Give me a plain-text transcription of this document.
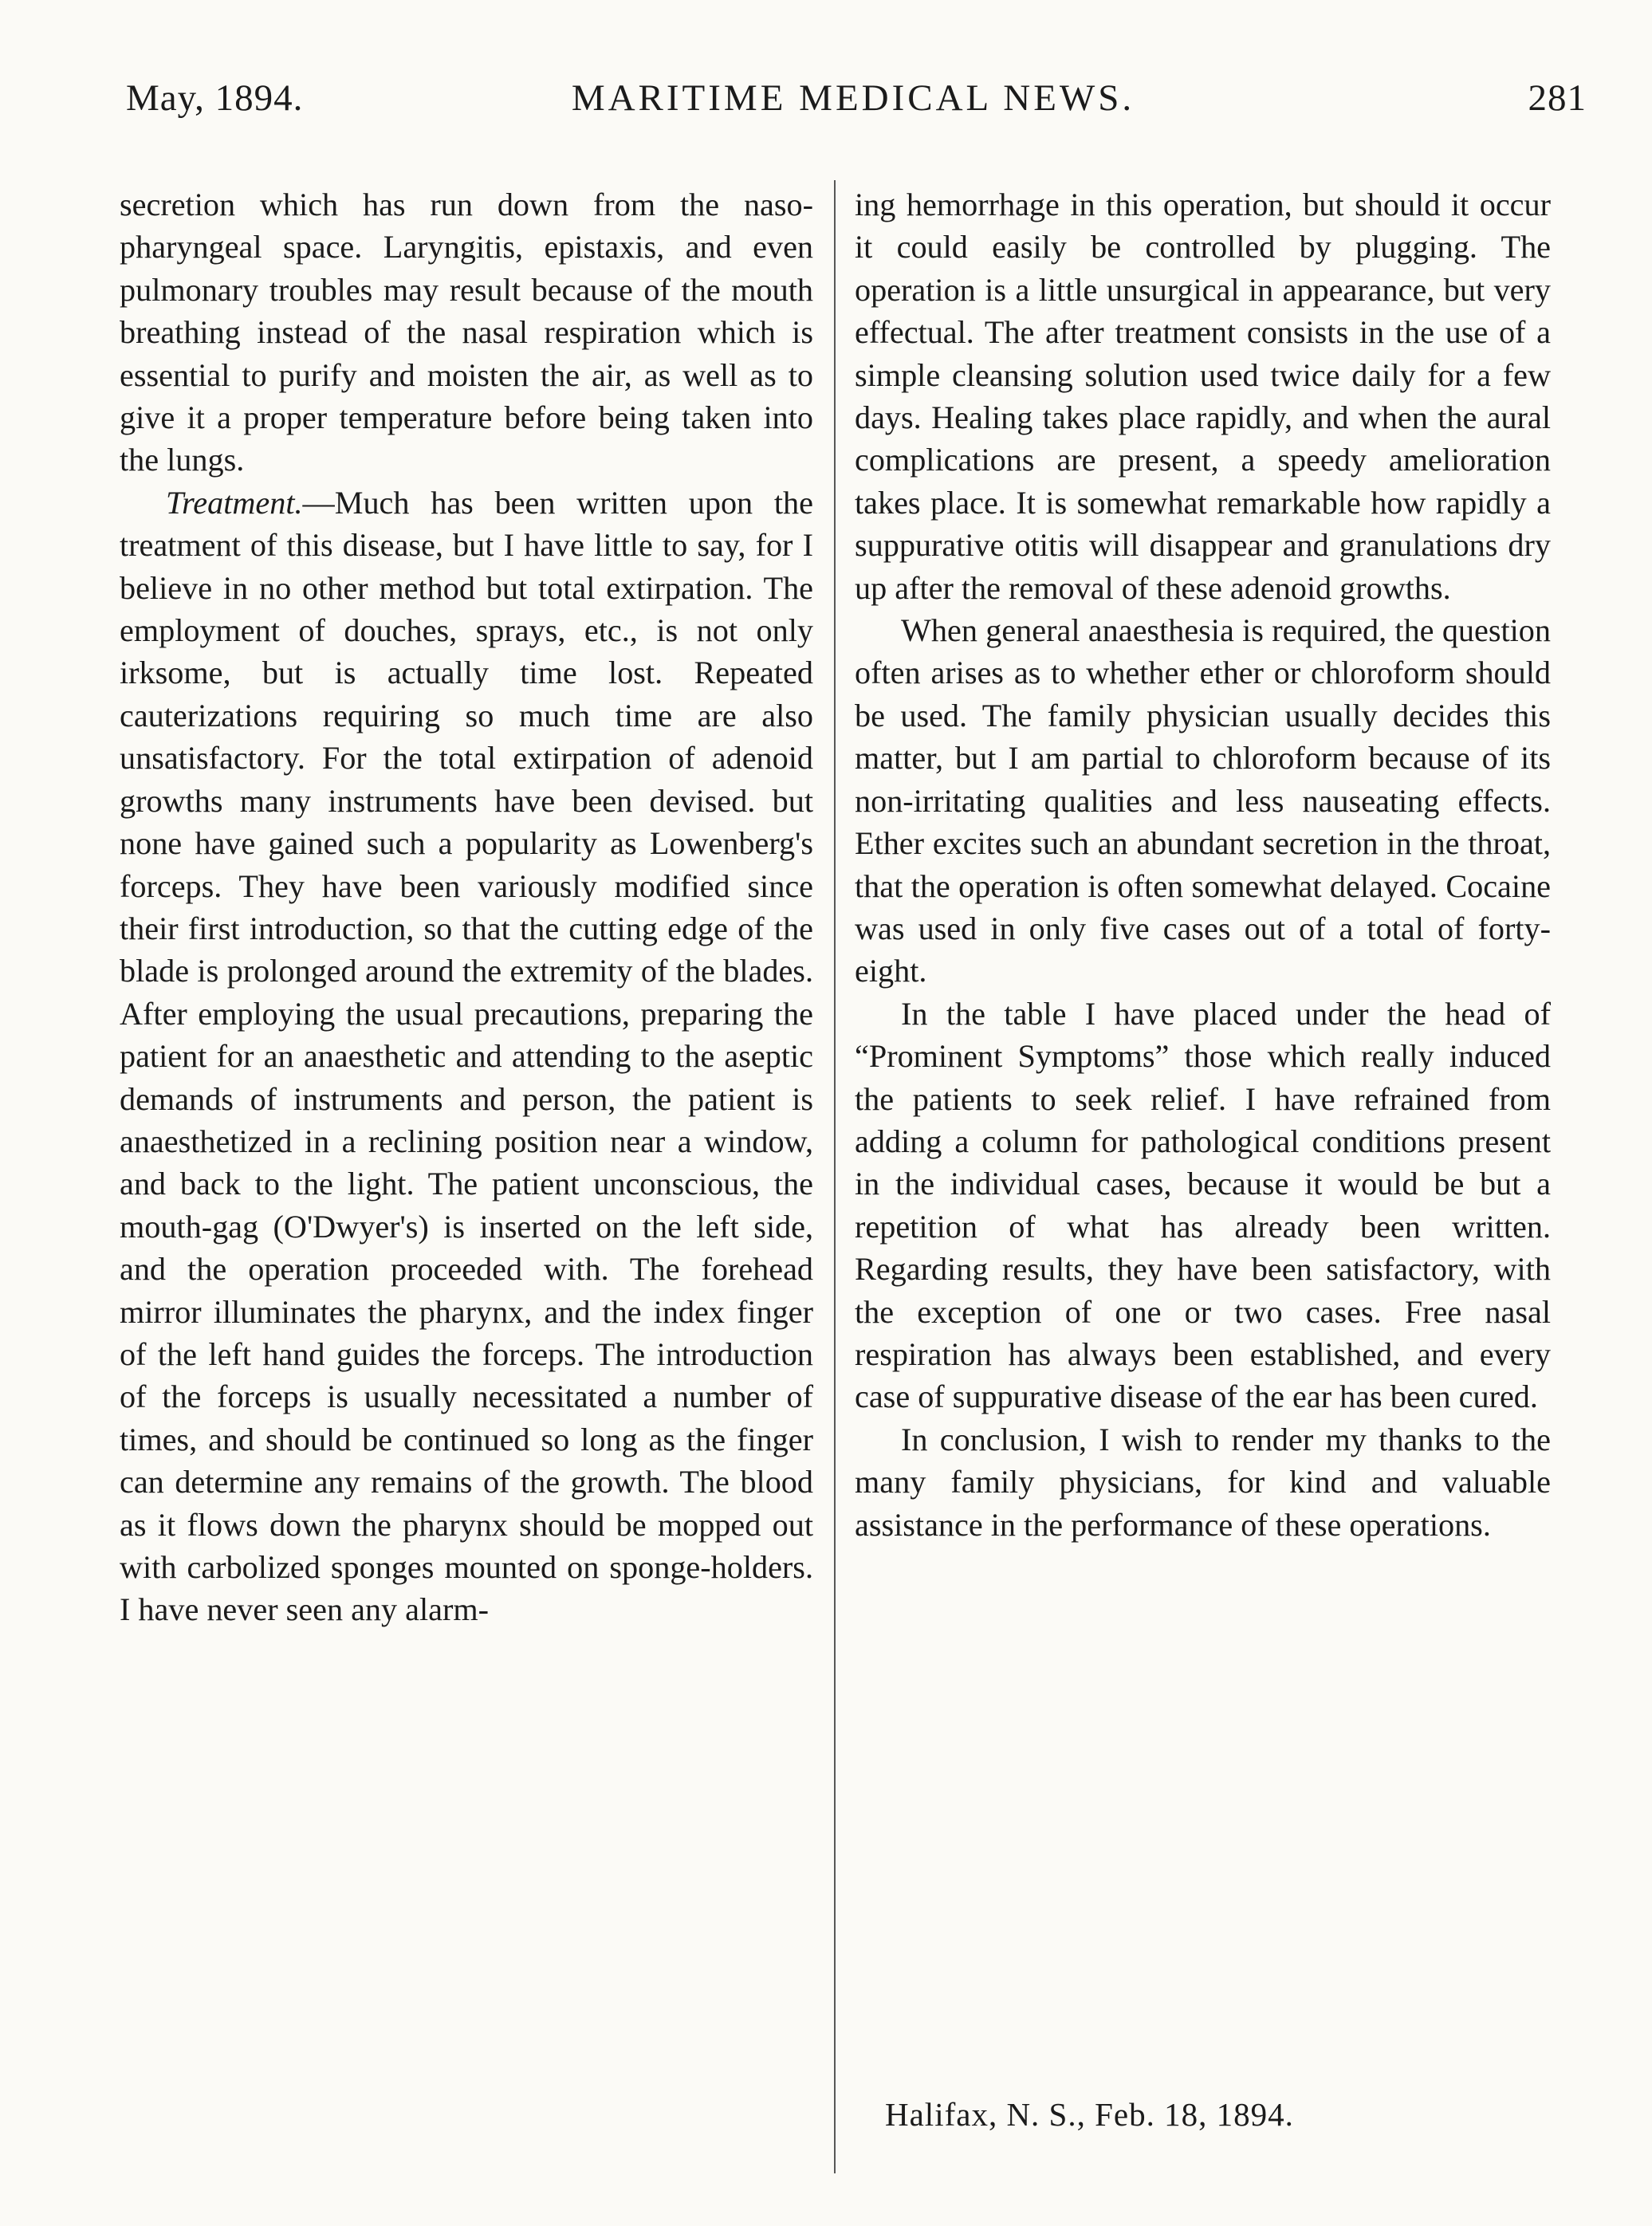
May, 1894.	MARITIME MEDICAL NEWS.	281

secretion which has run down from the naso-pharyngeal space. Laryngitis, epistaxis, and even pulmonary troubles may result because of the mouth breathing instead of the nasal respiration which is essential to purify and moisten the air, as well as to give it a proper temperature before being taken into the lungs.

Treatment.—Much has been written upon the treatment of this disease, but I have little to say, for I believe in no other method but total extirpation. The employment of douches, sprays, etc., is not only irksome, but is actually time lost. Repeated cauterizations requiring so much time are also unsatisfactory. For the total extirpation of adenoid growths many instruments have been devised. but none have gained such a popularity as Lowenberg's forceps. They have been variously modified since their first introduction, so that the cutting edge of the blade is prolonged around the extremity of the blades. After employing the usual precautions, preparing the patient for an anaesthetic and attending to the aseptic demands of instruments and person, the patient is anaesthetized in a reclining position near a window, and back to the light. The patient unconscious, the mouth-gag (O'Dwyer's) is inserted on the left side, and the operation proceeded with. The forehead mirror illuminates the pharynx, and the index finger of the left hand guides the forceps. The introduction of the forceps is usually necessitated a number of times, and should be continued so long as the finger can determine any remains of the growth. The blood as it flows down the pharynx should be mopped out with carbolized sponges mounted on sponge-holders. I have never seen any alarm-

ing hemorrhage in this operation, but should it occur it could easily be controlled by plugging. The operation is a little unsurgical in appearance, but very effectual. The after treatment consists in the use of a simple cleansing solution used twice daily for a few days. Healing takes place rapidly, and when the aural complications are present, a speedy amelioration takes place. It is somewhat remarkable how rapidly a suppurative otitis will disappear and granulations dry up after the removal of these adenoid growths.

When general anaesthesia is required, the question often arises as to whether ether or chloroform should be used. The family physician usually decides this matter, but I am partial to chloroform because of its non-irritating qualities and less nauseating effects. Ether excites such an abundant secretion in the throat, that the operation is often somewhat delayed. Cocaine was used in only five cases out of a total of forty-eight.

In the table I have placed under the head of “Prominent Symptoms” those which really induced the patients to seek relief. I have refrained from adding a column for pathological conditions present in the individual cases, because it would be but a repetition of what has already been written. Regarding results, they have been satisfactory, with the exception of one or two cases. Free nasal respiration has always been established, and every case of suppurative disease of the ear has been cured.

In conclusion, I wish to render my thanks to the many family physicians, for kind and valuable assistance in the performance of these operations.

Halifax, N. S., Feb. 18, 1894.
